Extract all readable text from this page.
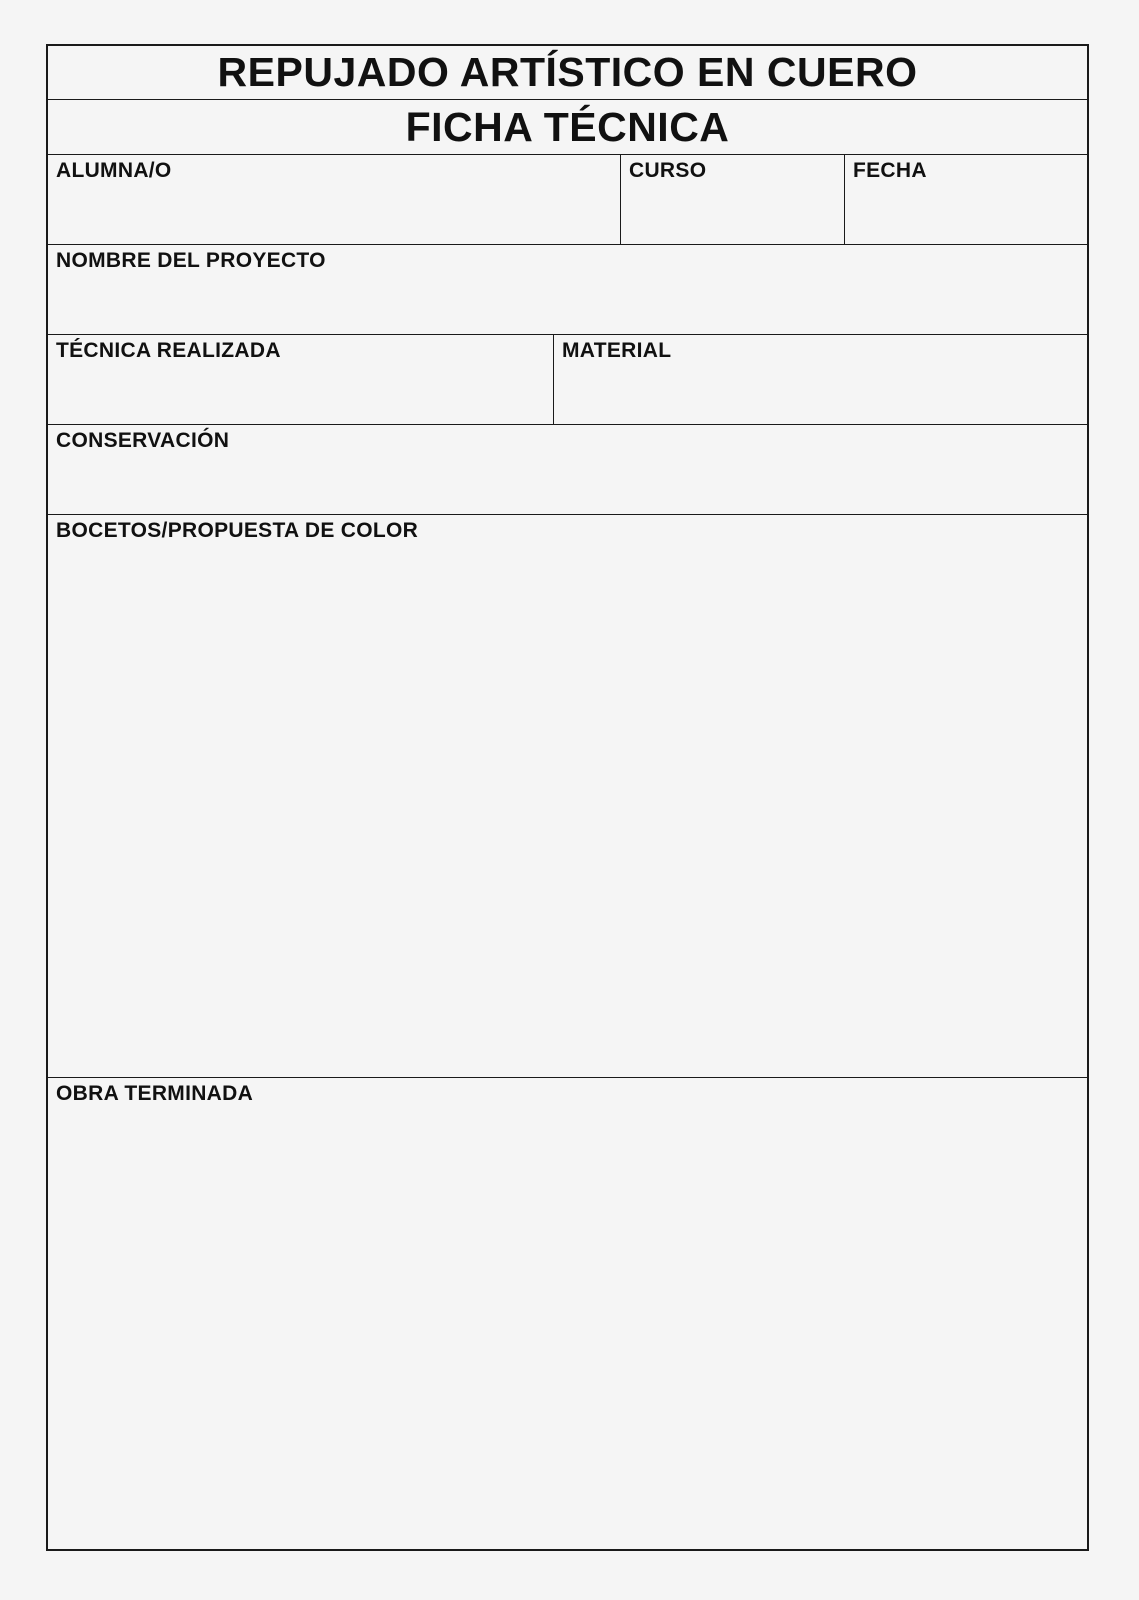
REPUJADO ARTÍSTICO EN CUERO
FICHA TÉCNICA
ALUMNA/O	CURSO	FECHA
NOMBRE DEL PROYECTO
TÉCNICA REALIZADA	MATERIAL
CONSERVACIÓN
BOCETOS/PROPUESTA DE COLOR
OBRA TERMINADA
